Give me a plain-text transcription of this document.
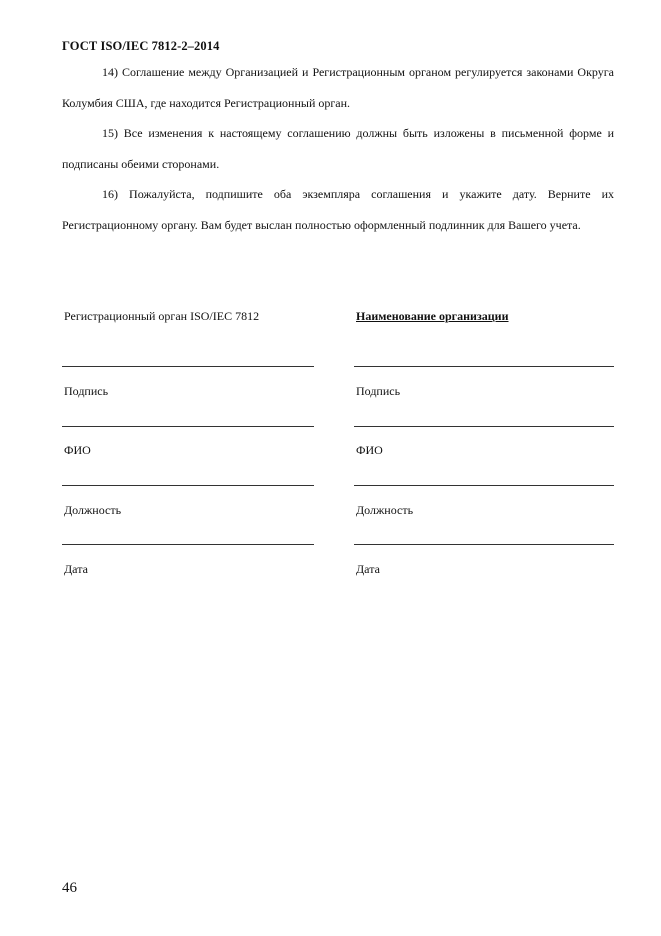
ГОСТ ISO/IEC 7812-2–2014

14) Соглашение между Организацией и Регистрационным органом регулируется законами Округа Колумбия США, где находится Регистрационный орган.

15) Все изменения к настоящему соглашению должны быть изложены в письменной форме и подписаны обеими сторонами.

16) Пожалуйста, подпишите оба экземпляра соглашения и укажите дату. Верните их Регистрационному органу. Вам будет выслан полностью оформленный подлинник для Вашего учета.

Регистрационный орган ISO/IEC 7812
Подпись
ФИО
Должность
Дата
Наименование организации
Подпись
ФИО
Должность
Дата
46
